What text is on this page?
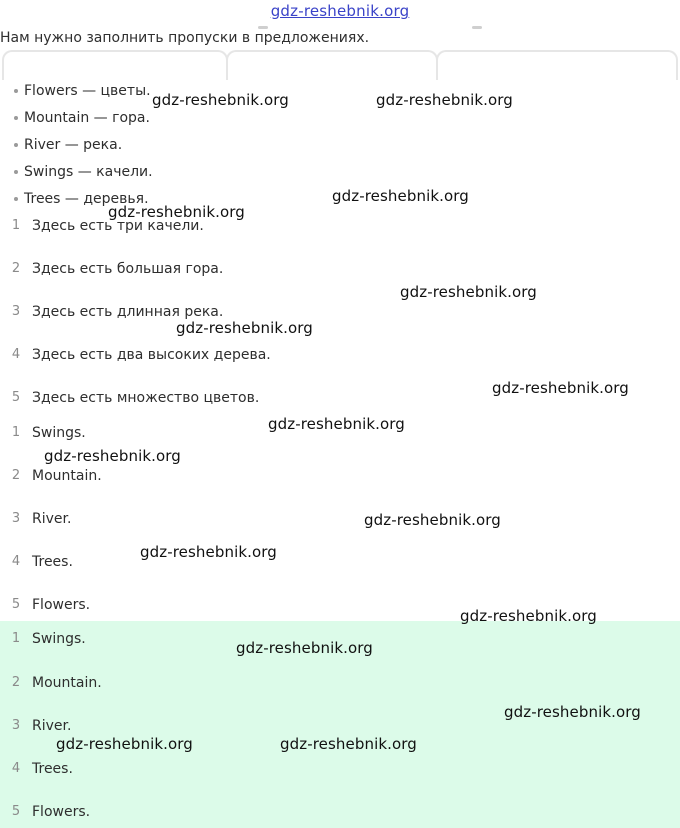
gdz-reshebnik.org
Нам нужно заполнить пропуски в предложениях.
Flowers — цветы.
Mountain — гора.
River — река.
Swings — качели.
Trees — деревья.
1 Здесь есть три качели.
2 Здесь есть большая гора.
3 Здесь есть длинная река.
4 Здесь есть два высоких дерева.
5 Здесь есть множество цветов.
1 Swings.
2 Mountain.
3 River.
4 Trees.
5 Flowers.
1 Swings.
2 Mountain.
3 River.
4 Trees.
5 Flowers.
gdz-reshebnik.org	gdz-reshebnik.org
gdz-reshebnik.org
gdz-reshebnik.org
gdz-reshebnik.org
gdz-reshebnik.org
gdz-reshebnik.org
gdz-reshebnik.org
gdz-reshebnik.org
gdz-reshebnik.org
gdz-reshebnik.org
gdz-reshebnik.org
gdz-reshebnik.org
gdz-reshebnik.org
gdz-reshebnik.org	gdz-reshebnik.org
